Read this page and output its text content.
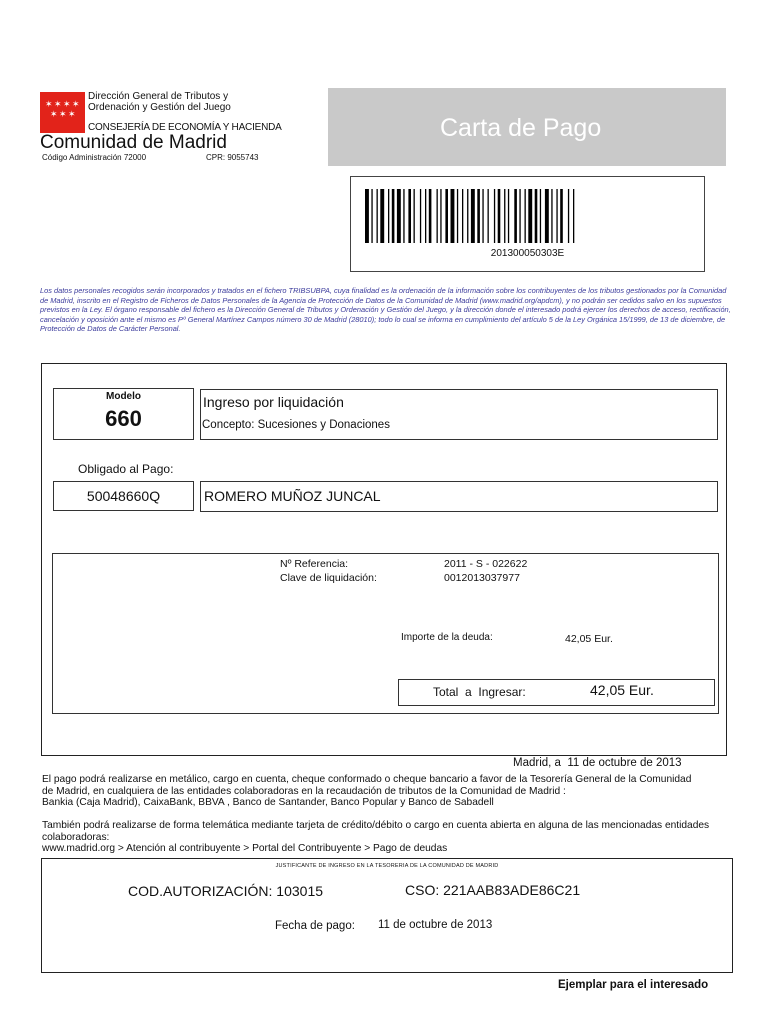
✶ ✶ ✶ ✶
✶ ✶ ✶
Dirección General de Tributos y
Ordenación y Gestión del Juego
CONSEJERÍA DE ECONOMÍA Y HACIENDA
Comunidad de Madrid
Código Administración 72000	CPR: 9055743
Carta de Pago
201300050303E
Los datos personales recogidos serán incorporados y tratados en el fichero TRIBSUBPA, cuya finalidad es la ordenación de la información sobre los contribuyentes de los tributos gestionados por la Comunidad de Madrid, inscrito en el Registro de Ficheros de Datos Personales de la Agencia de Protección de Datos de la Comunidad de Madrid (www.madrid.org/apdcm), y no podrán ser cedidos salvo en los supuestos previstos en la Ley. El órgano responsable del fichero es la Dirección General de Tributos y Ordenación y Gestión del Juego, y la dirección donde el interesado podrá ejercer los derechos de acceso, rectificación, cancelación y oposición ante el mismo es Pº General Martínez Campos número 30 de Madrid (28010); todo lo cual se informa en cumplimiento del artículo 5 de la Ley Orgánica 15/1999, de 13 de diciembre, de Protección de Datos de Carácter Personal.
Modelo
660
Ingreso por liquidación
Concepto: Sucesiones y Donaciones
Obligado al Pago:
50048660Q	ROMERO MUÑOZ JUNCAL
Nº Referencia:	2011 - S - 022622
Clave de liquidación:	0012013037977
Importe de la deuda:	42,05 Eur.
Total  a  Ingresar:	42,05 Eur.
Madrid, a  11 de octubre de 2013
El pago podrá realizarse en metálico, cargo en cuenta, cheque conformado o cheque bancario a favor de la Tesorería General de la Comunidad
de Madrid, en cualquiera de las entidades colaboradoras en la recaudación de tributos de la Comunidad de Madrid :
Bankia (Caja Madrid), CaixaBank, BBVA , Banco de Santander, Banco Popular y Banco de Sabadell
También podrá realizarse de forma telemática mediante tarjeta de crédito/débito o cargo en cuenta abierta en alguna de las mencionadas entidades
colaboradoras:
www.madrid.org > Atención al contribuyente > Portal del Contribuyente > Pago de deudas
JUSTIFICANTE DE INGRESO EN LA TESORERIA DE LA COMUNIDAD DE MADRID
COD.AUTORIZACIÓN: 103015	CSO: 221AAB83ADE86C21
Fecha de pago: 11 de octubre de 2013
Ejemplar para el interesado
